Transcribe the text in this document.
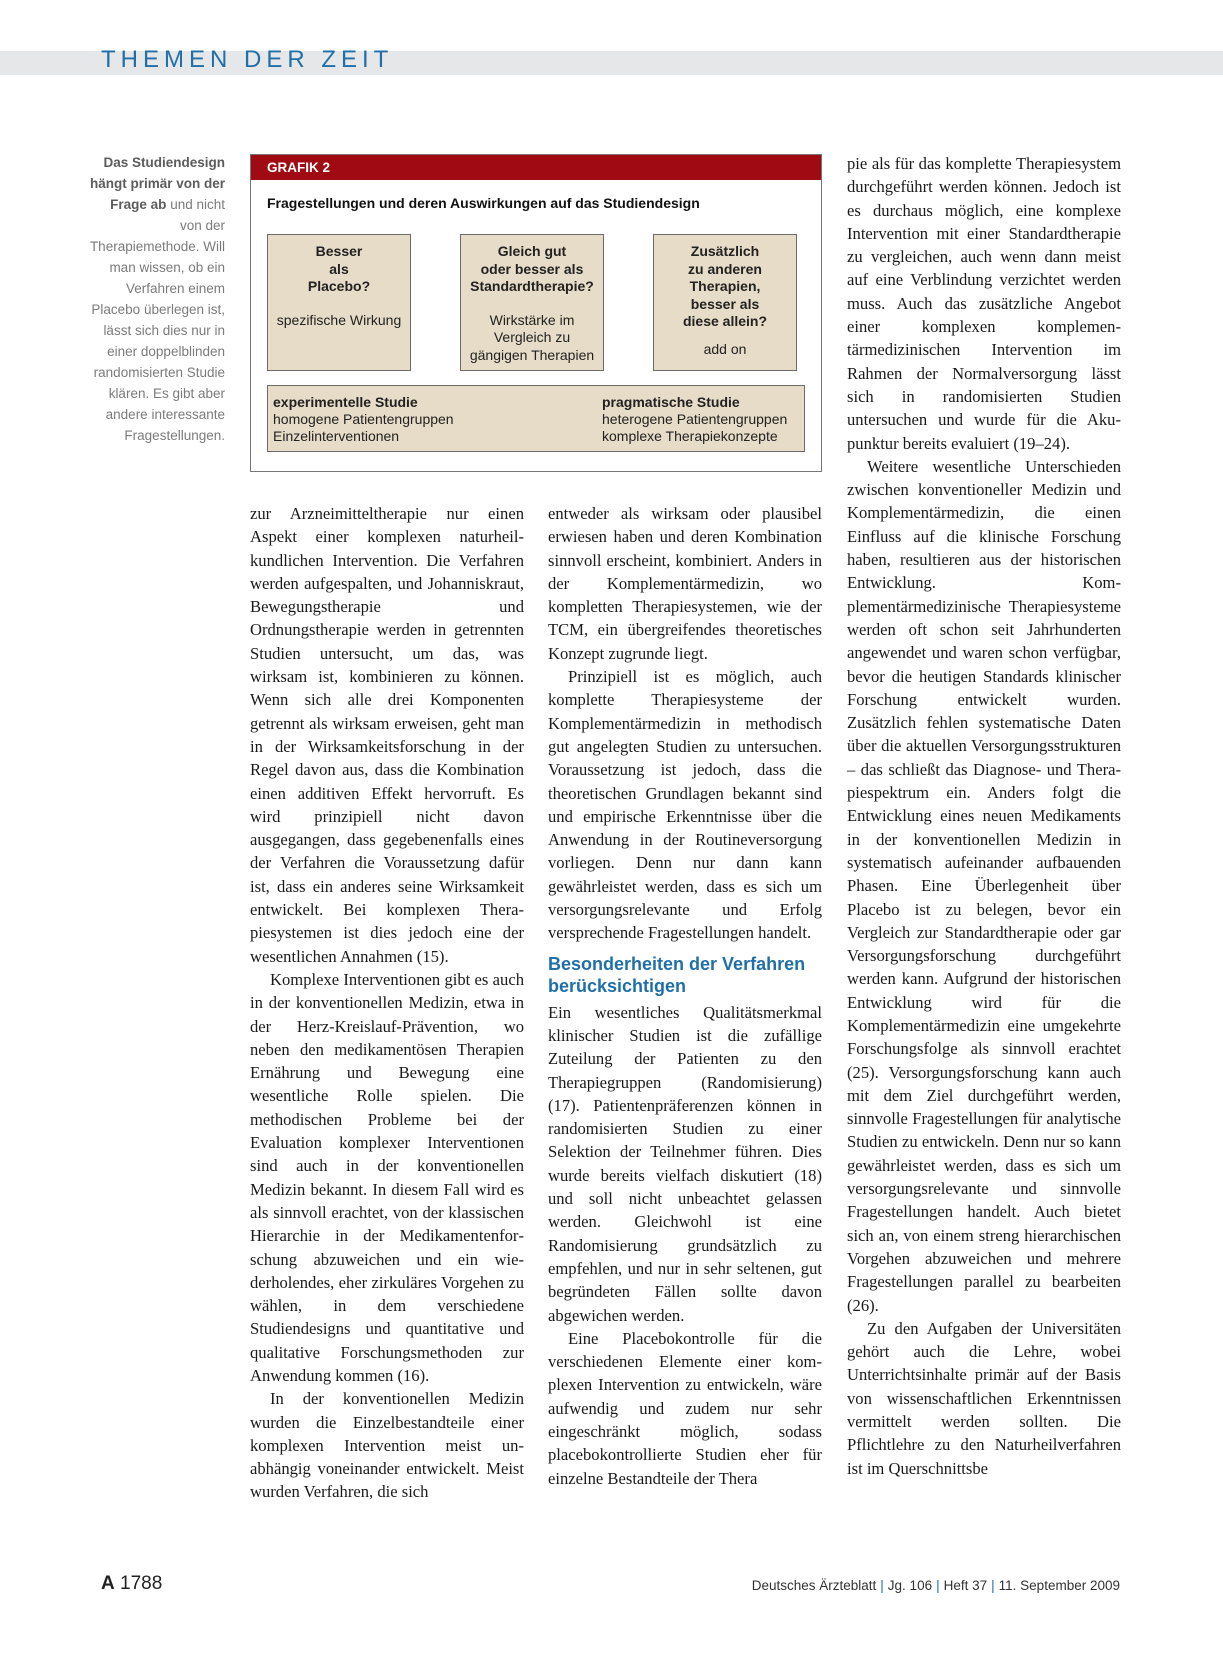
THEMEN DER ZEIT
Das Studiendesign hängt primär von der Frage ab und nicht von der Therapiemethode. Will man wissen, ob ein Verfahren einem Placebo überlegen ist, lässt sich dies nur in einer doppelblinden randomisierten Studie klären. Es gibt aber andere interessante Fragestellungen.
GRAFIK 2
Fragestellungen und deren Auswirkungen auf das Studiendesign
Besser
als
Placebo?
spezifische Wirkung
Gleich gut
oder besser als
Standardtherapie?
Wirkstärke im
Vergleich zu
gängigen Therapien
Zusätzlich
zu anderen
Therapien,
besser als
diese allein?
add on
experimentelle Studie
homogene Patientengruppen
Einzelinterventionen
pragmatische Studie
heterogene Patientengruppen
komplexe Therapiekonzepte

zur Arzneimitteltherapie nur einen Aspekt einer komplexen naturheilkundlichen Intervention. Die Verfahren werden aufgespalten, und Johanniskraut, Bewegungstherapie und Ordnungstherapie werden in getrennten Studien untersucht, um das, was wirksam ist, kombinieren zu können. Wenn sich alle drei Komponenten getrennt als wirksam erweisen, geht man in der Wirksamkeitsforschung in der Regel davon aus, dass die Kombination einen additiven Effekt hervorruft. Es wird prinzipiell nicht davon ausgegangen, dass gegebenenfalls eines der Verfahren die Voraussetzung dafür ist, dass ein anderes seine Wirksamkeit entwickelt. Bei komplexen Therapiesystemen ist dies jedoch eine der wesentlichen Annahmen (15).

Komplexe Interventionen gibt es auch in der konventionellen Medizin, etwa in der Herz-Kreislauf-Prävention, wo neben den medikamentösen Therapien Ernährung und Bewegung eine wesentliche Rolle spielen. Die methodischen Probleme bei der Evaluation komplexer Interventionen sind auch in der konventionellen Medizin bekannt. In diesem Fall wird es als sinnvoll erachtet, von der klassischen Hierarchie in der Medikamentenforschung abzuweichen und ein wiederholendes, eher zirkuläres Vorgehen zu wählen, in dem verschiedene Studiendesigns und quantitative und qualitative Forschungsmethoden zur Anwendung kommen (16).

In der konventionellen Medizin wurden die Einzelbestandteile einer komplexen Intervention meist unabhängig voneinander entwickelt. Meist wurden Verfahren, die sich

entweder als wirksam oder plausibel erwiesen haben und deren Kombination sinnvoll erscheint, kombiniert. Anders in der Komplementärmedizin, wo kompletten Therapiesystemen, wie der TCM, ein übergreifendes theoretisches Konzept zugrunde liegt.

Prinzipiell ist es möglich, auch komplette Therapiesysteme der Komplementärmedizin in methodisch gut angelegten Studien zu untersuchen. Voraussetzung ist jedoch, dass die theoretischen Grundlagen bekannt sind und empirische Erkenntnisse über die Anwendung in der Routineversorgung vorliegen. Denn nur dann kann gewährleistet werden, dass es sich um versorgungsrelevante und Erfolg versprechende Fragestellungen handelt.

Besonderheiten der Verfahren berücksichtigen

Ein wesentliches Qualitätsmerkmal klinischer Studien ist die zufällige Zuteilung der Patienten zu den Therapiegruppen (Randomisierung) (17). Patientenpräferenzen können in randomisierten Studien zu einer Selektion der Teilnehmer führen. Dies wurde bereits vielfach diskutiert (18) und soll nicht unbeachtet gelassen werden. Gleichwohl ist eine Randomisierung grundsätzlich zu empfehlen, und nur in sehr seltenen, gut begründeten Fällen sollte davon abgewichen werden.

Eine Placebokontrolle für die verschiedenen Elemente einer komplexen Intervention zu entwickeln, wäre aufwendig und zudem nur sehr eingeschränkt möglich, sodass placebokontrollierte Studien eher für einzelne Bestandteile der Thera

pie als für das komplette Therapiesystem durchgeführt werden können. Jedoch ist es durchaus möglich, eine komplexe Intervention mit einer Standardtherapie zu vergleichen, auch wenn dann meist auf eine Verblindung verzichtet werden muss. Auch das zusätzliche Angebot einer komplexen komplementärmedizinischen Intervention im Rahmen der Normalversorgung lässt sich in randomisierten Studien untersuchen und wurde für die Akupunktur bereits evaluiert (19–24).

Weitere wesentliche Unterschieden zwischen konventioneller Medizin und Komplementärmedizin, die einen Einfluss auf die klinische Forschung haben, resultieren aus der historischen Entwicklung. Komplementärmedizinische Therapiesysteme werden oft schon seit Jahrhunderten angewendet und waren schon verfügbar, bevor die heutigen Standards klinischer Forschung entwickelt wurden. Zusätzlich fehlen systematische Daten über die aktuellen Versorgungsstrukturen – das schließt das Diagnose- und Therapiespektrum ein. Anders folgt die Entwicklung eines neuen Medikaments in der konventionellen Medizin in systematisch aufeinander aufbauenden Phasen. Eine Überlegenheit über Placebo ist zu belegen, bevor ein Vergleich zur Standardtherapie oder gar Versorgungsforschung durchgeführt werden kann. Aufgrund der historischen Entwicklung wird für die Komplementärmedizin eine umgekehrte Forschungsfolge als sinnvoll erachtet (25). Versorgungsforschung kann auch mit dem Ziel durchgeführt werden, sinnvolle Fragestellungen für analytische Studien zu entwickeln. Denn nur so kann gewährleistet werden, dass es sich um versorgungsrelevante und sinnvolle Fragestellungen handelt. Auch bietet sich an, von einem streng hierarchischen Vorgehen abzuweichen und mehrere Fragestellungen parallel zu bearbeiten (26).

Zu den Aufgaben der Universitäten gehört auch die Lehre, wobei Unterrichtsinhalte primär auf der Basis von wissenschaftlichen Erkenntnissen vermittelt werden sollten. Die Pflichtlehre zu den Naturheilverfahren ist im Querschnittsbe

A 1788	Deutsches Ärzteblatt | Jg. 106 | Heft 37 | 11. September 2009
